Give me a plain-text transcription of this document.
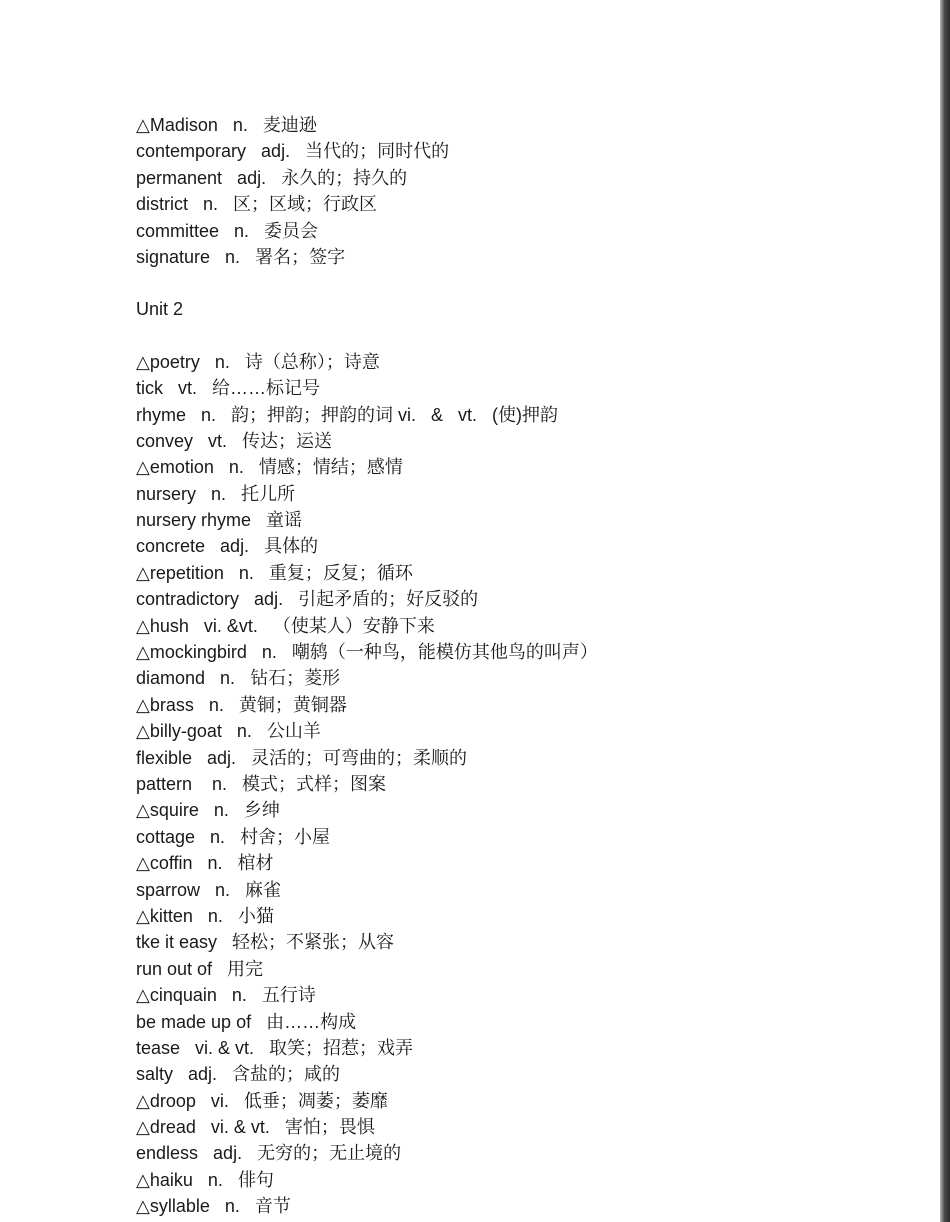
△Madison   n.   麦迪逊
contemporary   adj.   当代的；同时代的
permanent   adj.   永久的；持久的
district   n.   区；区域；行政区
committee   n.   委员会
signature   n.   署名；签字
Unit 2
△poetry   n.   诗（总称）；诗意
tick   vt.   给……标记号
rhyme   n.   韵；押韵；押韵的词 vi.   &   vt.   (使)押韵
convey   vt.   传达；运送
△emotion   n.   情感；情结；感情
nursery   n.   托儿所
nursery rhyme   童谣
concrete   adj.   具体的
△repetition   n.   重复；反复；循环
contradictory   adj.   引起矛盾的；好反驳的
△hush   vi. &vt.   （使某人）安静下来
△mockingbird   n.   嘲鸫（一种鸟，能模仿其他鸟的叫声）
diamond   n.   钻石；菱形
△brass   n.   黄铜；黄铜器
△billy-goat   n.   公山羊
flexible   adj.   灵活的；可弯曲的；柔顺的
pattern    n.   模式；式样；图案
△squire   n.   乡绅
cottage   n.   村舍；小屋
△coffin   n.   棺材
sparrow   n.   麻雀
△kitten   n.   小猫
tke it easy   轻松；不紧张；从容
run out of   用完
△cinquain   n.   五行诗
be made up of   由……构成
tease   vi. & vt.   取笑；招惹；戏弄
salty   adj.   含盐的；咸的
△droop   vi.   低垂；凋萎；萎靡
△dread   vi. & vt.   害怕；畏惧
endless   adj.   无穷的；无止境的
△haiku   n.   俳句
△syllable   n.   音节
